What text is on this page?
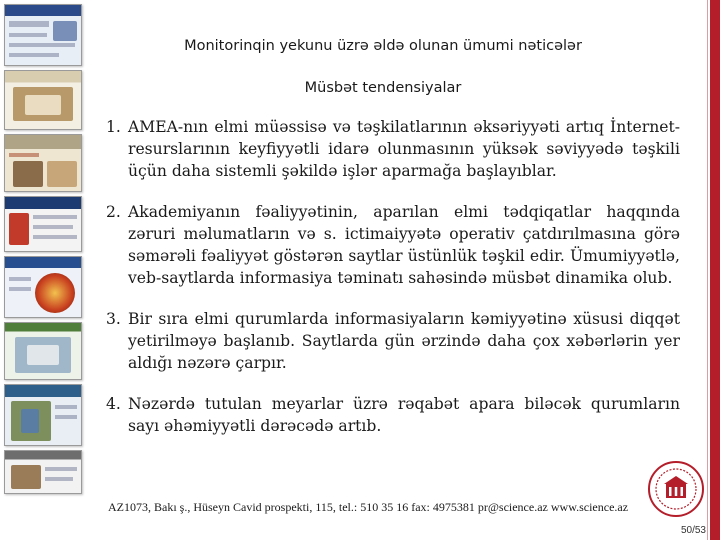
Monitorinqin yekunu üzrə əldə olunan ümumi nəticələr
Müsbət tendensiyalar
1. AMEA-nın elmi müəssisə və təşkilatlarının əksəriyyəti artıq İnternet-resurslarının keyfiyyətli idarə olunmasının yüksək səviyyədə təşkili üçün daha sistemli şəkildə işlər aparmağa başlayıblar.
2. Akademiyanın fəaliyyətinin, aparılan elmi tədqiqatlar haqqında zəruri məlumatların və s. ictimaiyyətə operativ çatdırılmasına görə səmərəli fəaliyyət göstərən saytlar üstünlük təşkil edir. Ümumiyyətlə, veb-saytlarda informasiya təminatı sahəsində müsbət dinamika olub.
3. Bir sıra elmi qurumlarda informasiyaların kəmiyyətinə xüsusi diqqət yetirilməyə başlanıb. Saytlarda gün ərzində daha çox xəbərlərin yer aldığı nəzərə çarpır.
4. Nəzərdə tutulan meyarlar üzrə rəqabət apara biləcək qurumların sayı əhəmiyyətli dərəcədə artıb.
AZ1073, Bakı ş., Hüseyn Cavid prospekti, 115, tel.: 510 35 16 fax: 4975381 pr@science.az www.science.az
50/53
